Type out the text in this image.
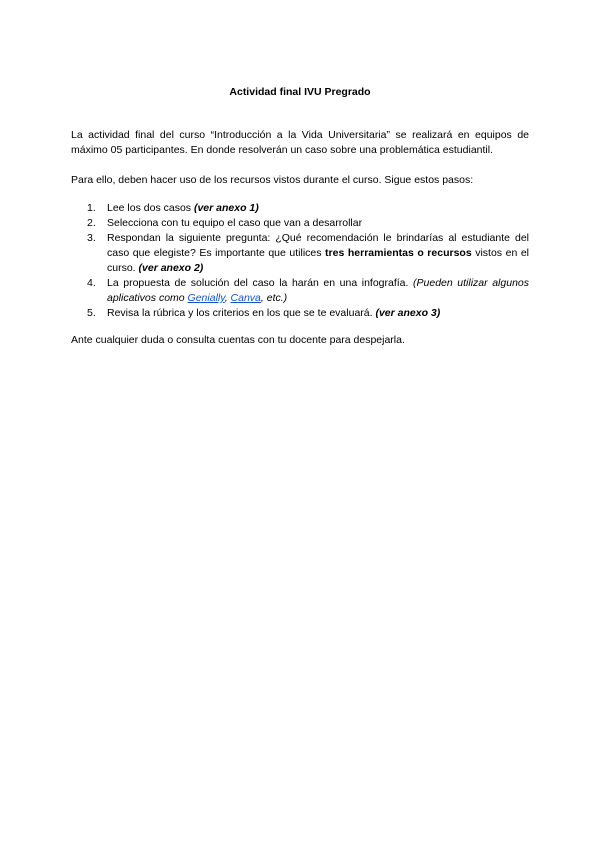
Actividad final IVU Pregrado
La actividad final del curso “Introducción a la Vida Universitaria” se realizará en equipos de máximo 05 participantes. En donde resolverán un caso sobre una problemática estudiantil.
Para ello, deben hacer uso de los recursos vistos durante el curso. Sigue estos pasos:
1. Lee los dos casos (ver anexo 1)
2. Selecciona con tu equipo el caso que van a desarrollar
3. Respondan la siguiente pregunta: ¿Qué recomendación le brindarías al estudiante del caso que elegiste? Es importante que utilices tres herramientas o recursos vistos en el curso. (ver anexo 2)
4. La propuesta de solución del caso la harán en una infografía. (Pueden utilizar algunos aplicativos como Genially, Canva, etc.)
5. Revisa la rúbrica y los criterios en los que se te evaluará. (ver anexo 3)
Ante cualquier duda o consulta cuentas con tu docente para despejarla.
